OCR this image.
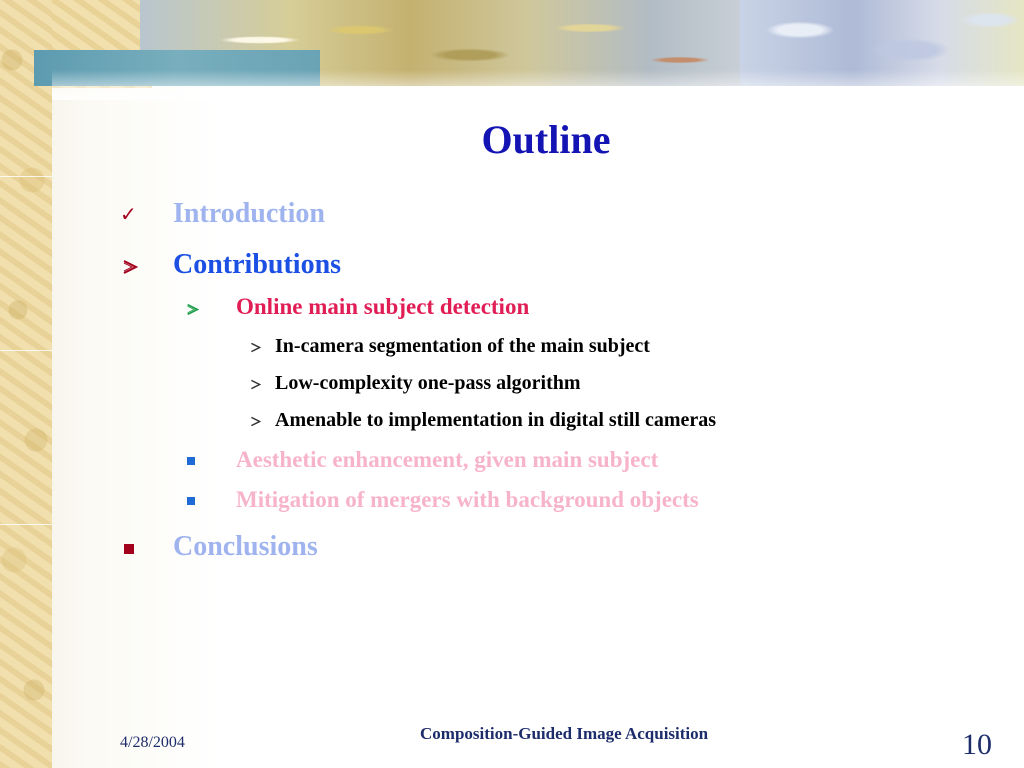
Outline
✓ Introduction
Contributions
Online main subject detection
In-camera segmentation of the main subject
Low-complexity one-pass algorithm
Amenable to implementation in digital still cameras
Aesthetic enhancement, given main subject
Mitigation of mergers with background objects
Conclusions
4/28/2004	Composition-Guided Image Acquisition	10
